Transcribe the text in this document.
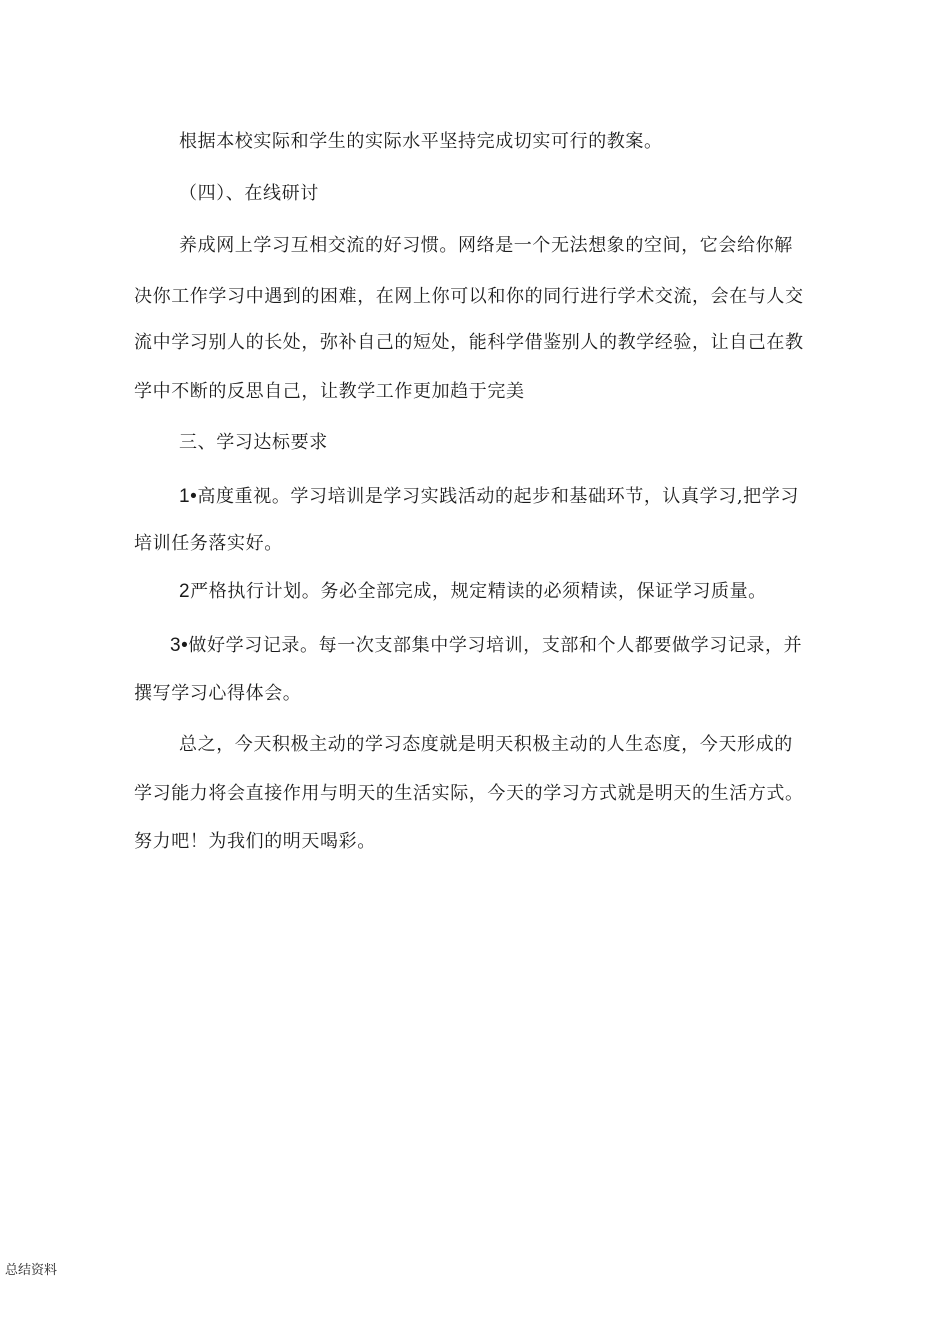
根据本校实际和学生的实际水平坚持完成切实可行的教案。
（四）、在线研讨
养成网上学习互相交流的好习惯。网络是一个无法想象的空间，它会给你解
决你工作学习中遇到的困难，在网上你可以和你的同行进行学术交流，会在与人交
流中学习别人的长处，弥补自己的短处，能科学借鉴别人的教学经验，让自己在教
学中不断的反思自己，让教学工作更加趋于完美
三、学习达标要求
1•高度重视。学习培训是学习实践活动的起步和基础环节，认真学习,把学习
培训任务落实好。
2严格执行计划。务必全部完成，规定精读的必须精读，保证学习质量。
3•做好学习记录。每一次支部集中学习培训，支部和个人都要做学习记录，并
撰写学习心得体会。
总之，今天积极主动的学习态度就是明天积极主动的人生态度，今天形成的
学习能力将会直接作用与明天的生活实际，今天的学习方式就是明天的生活方式。
努力吧！为我们的明天喝彩。
总结资料
